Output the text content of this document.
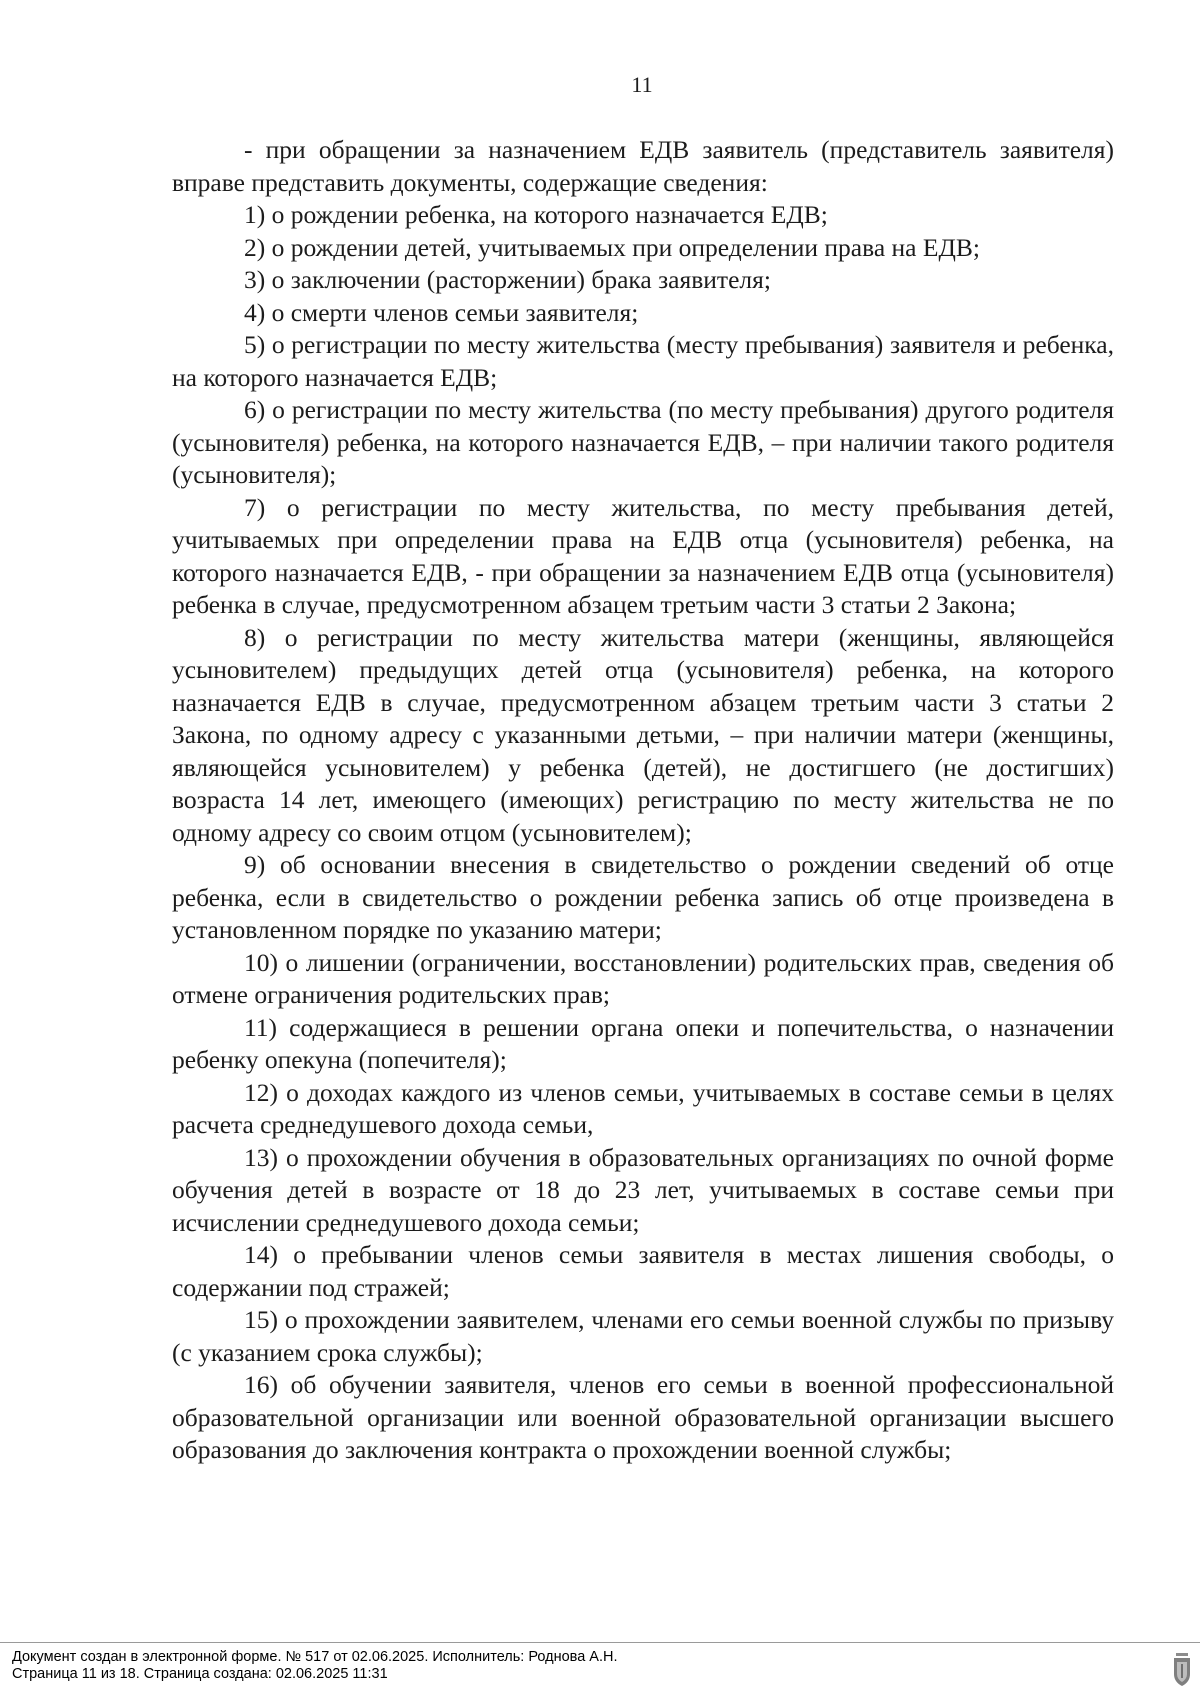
11

- при обращении за назначением ЕДВ заявитель (представитель заявителя) вправе представить документы, содержащие сведения:

1) о рождении ребенка, на которого назначается ЕДВ;

2) о рождении детей, учитываемых при определении права на ЕДВ;

3) о заключении (расторжении) брака заявителя;

4) о смерти членов семьи заявителя;

5) о регистрации по месту жительства (месту пребывания) заявителя и ребенка, на которого назначается ЕДВ;

6) о регистрации по месту жительства (по месту пребывания) другого родителя (усыновителя) ребенка, на которого назначается ЕДВ, – при наличии такого родителя (усыновителя);

7) о регистрации по месту жительства, по месту пребывания детей, учитываемых при определении права на ЕДВ отца (усыновителя) ребенка, на которого назначается ЕДВ, - при обращении за назначением ЕДВ отца (усыновителя) ребенка в случае, предусмотренном абзацем третьим части 3 статьи 2 Закона;

8) о регистрации по месту жительства матери (женщины, являющейся усыновителем) предыдущих детей отца (усыновителя) ребенка, на которого назначается ЕДВ в случае, предусмотренном абзацем третьим части 3 статьи 2 Закона, по одному адресу с указанными детьми, – при наличии матери (женщины, являющейся усыновителем) у ребенка (детей), не достигшего (не достигших) возраста 14 лет, имеющего (имеющих) регистрацию по месту жительства не по одному адресу со своим отцом (усыновителем);

9) об основании внесения в свидетельство о рождении сведений об отце ребенка, если в свидетельство о рождении ребенка запись об отце произведена в установленном порядке по указанию матери;

10) о лишении (ограничении, восстановлении) родительских прав, сведения об отмене ограничения родительских прав;

11) содержащиеся в решении органа опеки и попечительства, о назначении ребенку опекуна (попечителя);

12) о доходах каждого из членов семьи, учитываемых в составе семьи в целях расчета среднедушевого дохода семьи,

13) о прохождении обучения в образовательных организациях по очной форме обучения детей в возрасте от 18 до 23 лет, учитываемых в составе семьи при исчислении среднедушевого дохода семьи;

14) о пребывании членов семьи заявителя в местах лишения свободы, о содержании под стражей;

15) о прохождении заявителем, членами его семьи военной службы по призыву (с указанием срока службы);

16) об обучении заявителя, членов его семьи в военной профессиональной образовательной организации или военной образовательной организации высшего образования до заключения контракта о прохождении военной службы;

Документ создан в электронной форме. № 517 от 02.06.2025. Исполнитель: Роднова А.Н.
Страница 11 из 18. Страница создана: 02.06.2025 11:31
